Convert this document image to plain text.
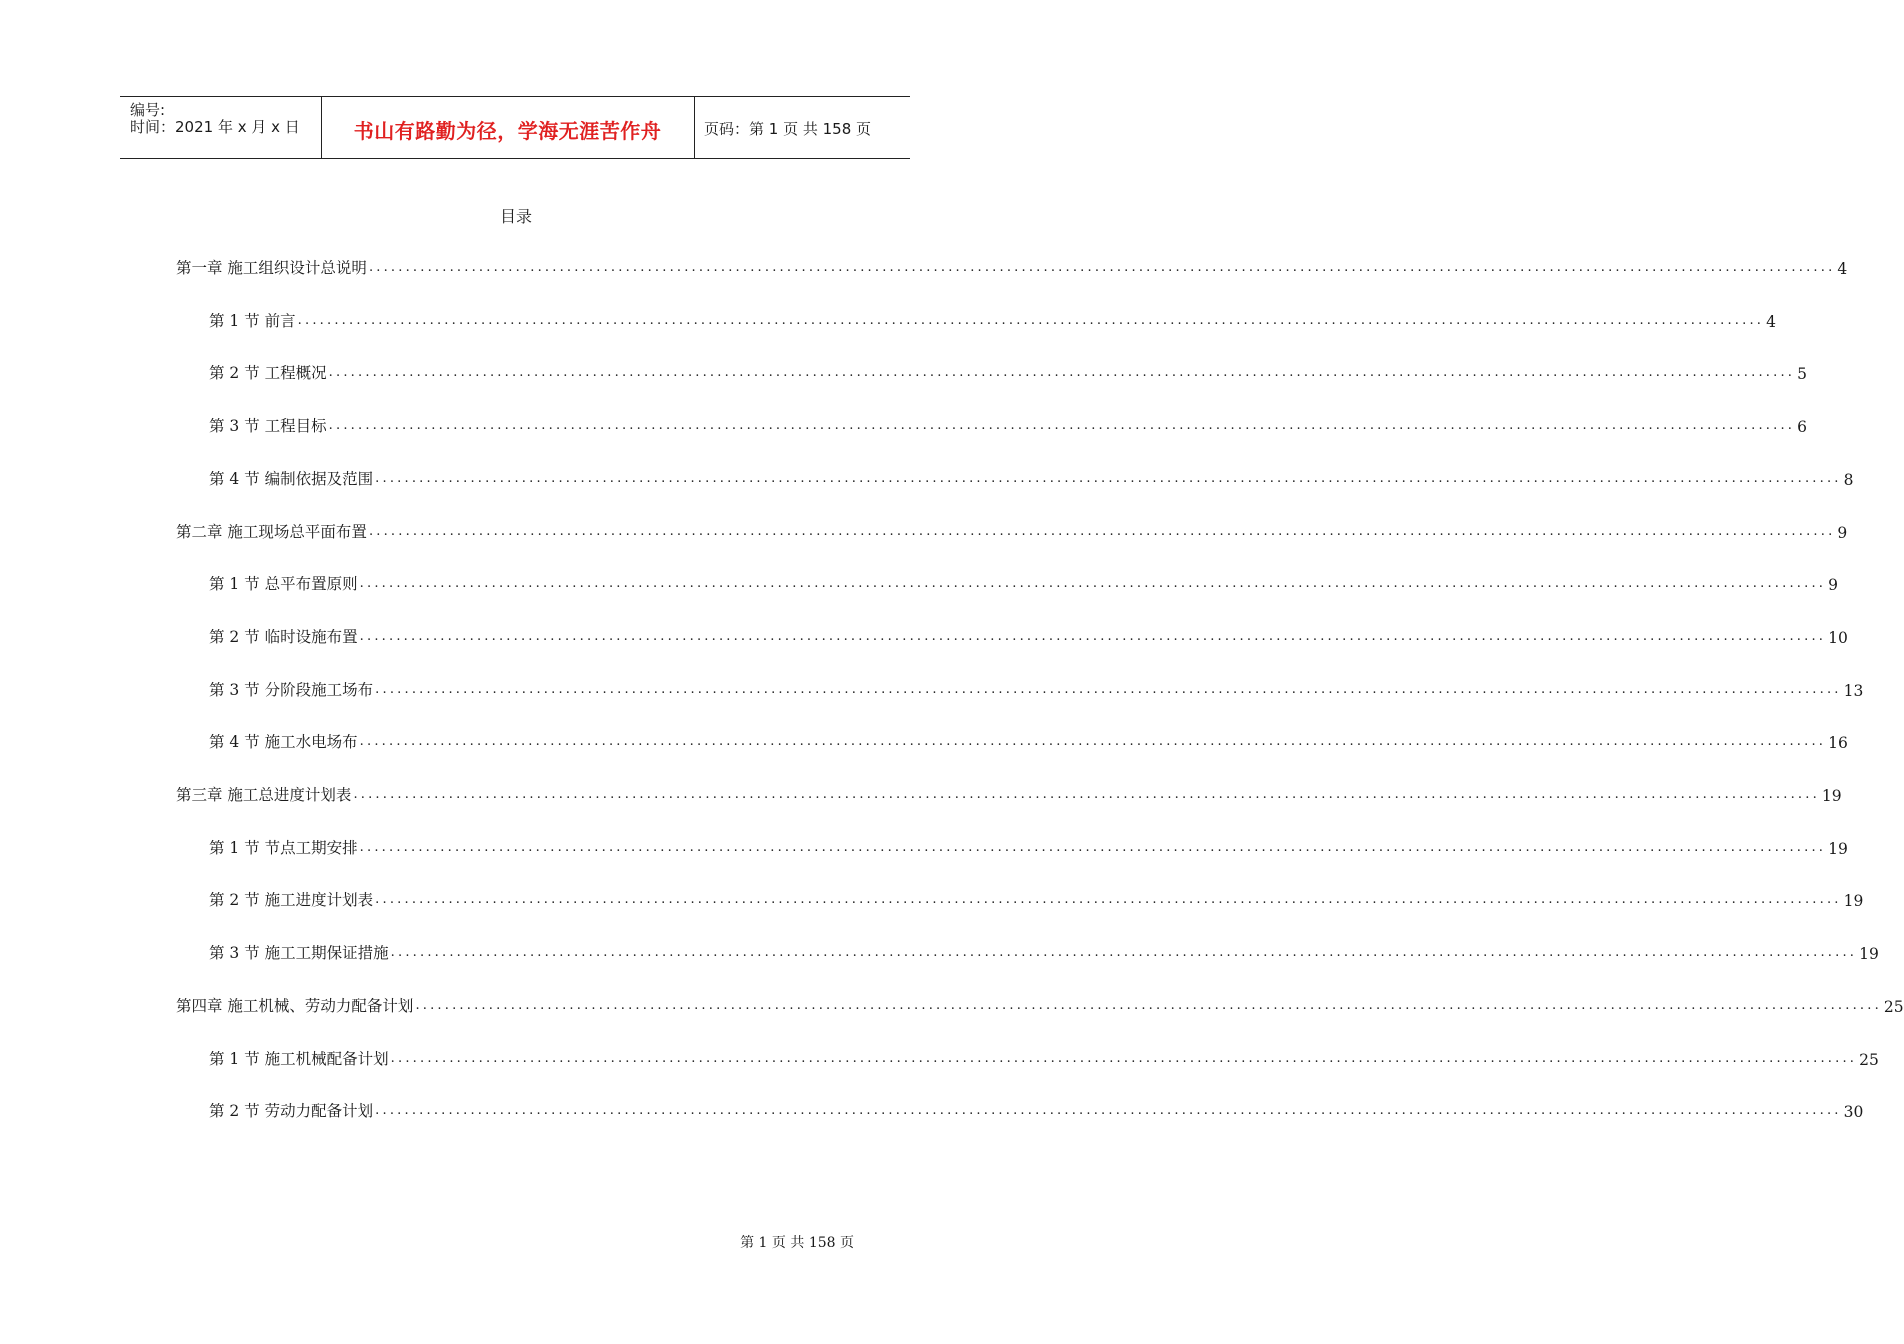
编号:
时间：2021 年 x 月 x 日	书山有路勤为径，学海无涯苦作舟	页码：第 1 页 共 158 页
目录
第一章 施工组织设计总说明 ........................................................................................................................................................................................................ 4
第 1 节 前言 ........................................................................................................................................................................................................ 4
第 2 节 工程概况 ........................................................................................................................................................................................................ 5
第 3 节 工程目标 ........................................................................................................................................................................................................ 6
第 4 节 编制依据及范围 ........................................................................................................................................................................................................ 8
第二章 施工现场总平面布置 ........................................................................................................................................................................................................ 9
第 1 节 总平布置原则 ........................................................................................................................................................................................................ 9
第 2 节 临时设施布置 ........................................................................................................................................................................................................ 10
第 3 节 分阶段施工场布 ........................................................................................................................................................................................................ 13
第 4 节 施工水电场布 ........................................................................................................................................................................................................ 16
第三章 施工总进度计划表 ........................................................................................................................................................................................................ 19
第 1 节 节点工期安排 ........................................................................................................................................................................................................ 19
第 2 节 施工进度计划表 ........................................................................................................................................................................................................ 19
第 3 节 施工工期保证措施 ........................................................................................................................................................................................................ 19
第四章 施工机械、劳动力配备计划 ........................................................................................................................................................................................................ 25
第 1 节 施工机械配备计划 ........................................................................................................................................................................................................ 25
第 2 节 劳动力配备计划 ........................................................................................................................................................................................................ 30
第 1 页 共 158 页
